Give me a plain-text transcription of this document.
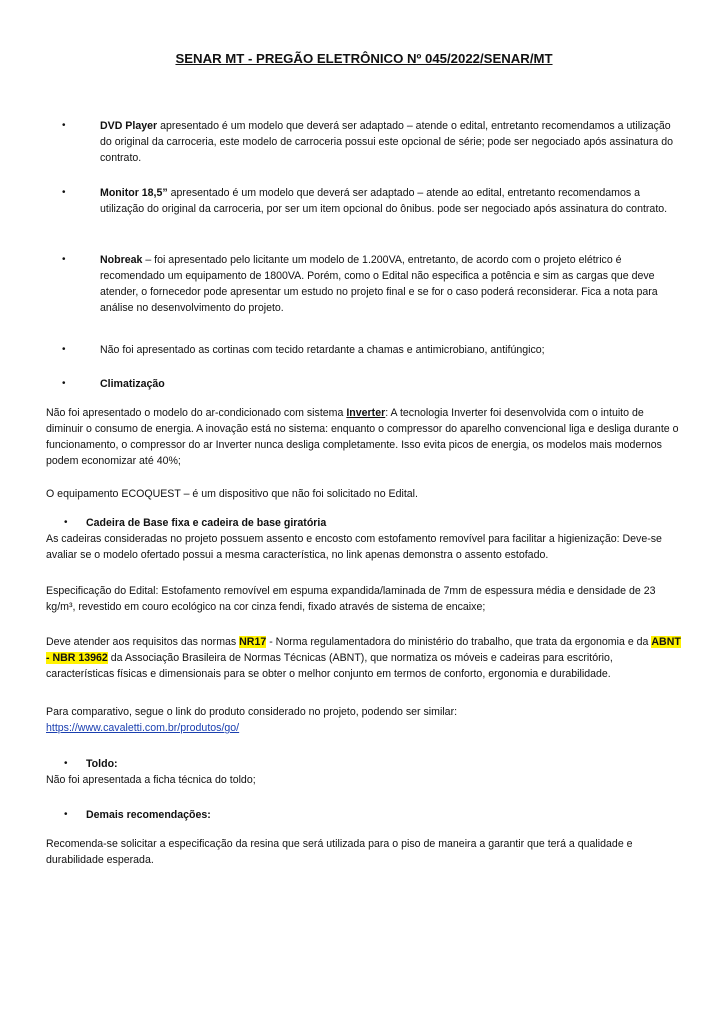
SENAR MT - PREGÃO ELETRÔNICO Nº 045/2022/SENAR/MT
•	DVD Player apresentado é um modelo que deverá ser adaptado – atende o edital, entretanto recomendamos a utilização do original da carroceria, este modelo de carroceria possui este opcional de série; pode ser negociado após assinatura do contrato.

•	Monitor 18,5” apresentado é um modelo que deverá ser adaptado – atende ao edital, entretanto recomendamos a utilização do original da carroceria, por ser um item opcional do ônibus. pode ser negociado após assinatura do contrato.

•	Nobreak – foi apresentado pelo licitante um modelo de 1.200VA, entretanto, de acordo com o projeto elétrico é recomendado um equipamento de 1800VA. Porém, como o Edital não especifica a potência e sim as cargas que deve atender, o fornecedor pode apresentar um estudo no projeto final e se for o caso poderá reconsiderar. Fica a nota para análise no desenvolvimento do projeto.

•	Não foi apresentado as cortinas com tecido retardante a chamas e antimicrobiano, antifúngico;

•	Climatização

Não foi apresentado o modelo do ar-condicionado com sistema Inverter: A tecnologia Inverter foi desenvolvida com o intuito de diminuir o consumo de energia. A inovação está no sistema: enquanto o compressor do aparelho convencional liga e desliga durante o funcionamento, o compressor do ar Inverter nunca desliga completamente. Isso evita picos de energia, os modelos mais modernos podem economizar até 40%;

O equipamento ECOQUEST – é um dispositivo que não foi solicitado no Edital.

•	Cadeira de Base fixa e cadeira de base giratória

As cadeiras consideradas no projeto possuem assento e encosto com estofamento removível para facilitar a higienização: Deve-se avaliar se o modelo ofertado possui a mesma característica, no link apenas demonstra o assento estofado.

Especificação do Edital: Estofamento removível em espuma expandida/laminada de 7mm de espessura média e densidade de 23 kg/m³, revestido em couro ecológico na cor cinza fendi, fixado através de sistema de encaixe;

Deve atender aos requisitos das normas NR17 - Norma regulamentadora do ministério do trabalho, que trata da ergonomia e da ABNT - NBR 13962 da Associação Brasileira de Normas Técnicas (ABNT), que normatiza os móveis e cadeiras para escritório, características físicas e dimensionais para se obter o melhor conjunto em termos de conforto, ergonomia e durabilidade.

Para comparativo, segue o link do produto considerado no projeto, podendo ser similar:

https://www.cavaletti.com.br/produtos/go/

•	Toldo:

Não foi apresentada a ficha técnica do toldo;

•	Demais recomendações:

Recomenda-se solicitar a especificação da resina que será utilizada para o piso de maneira a garantir que terá a qualidade e durabilidade esperada.
